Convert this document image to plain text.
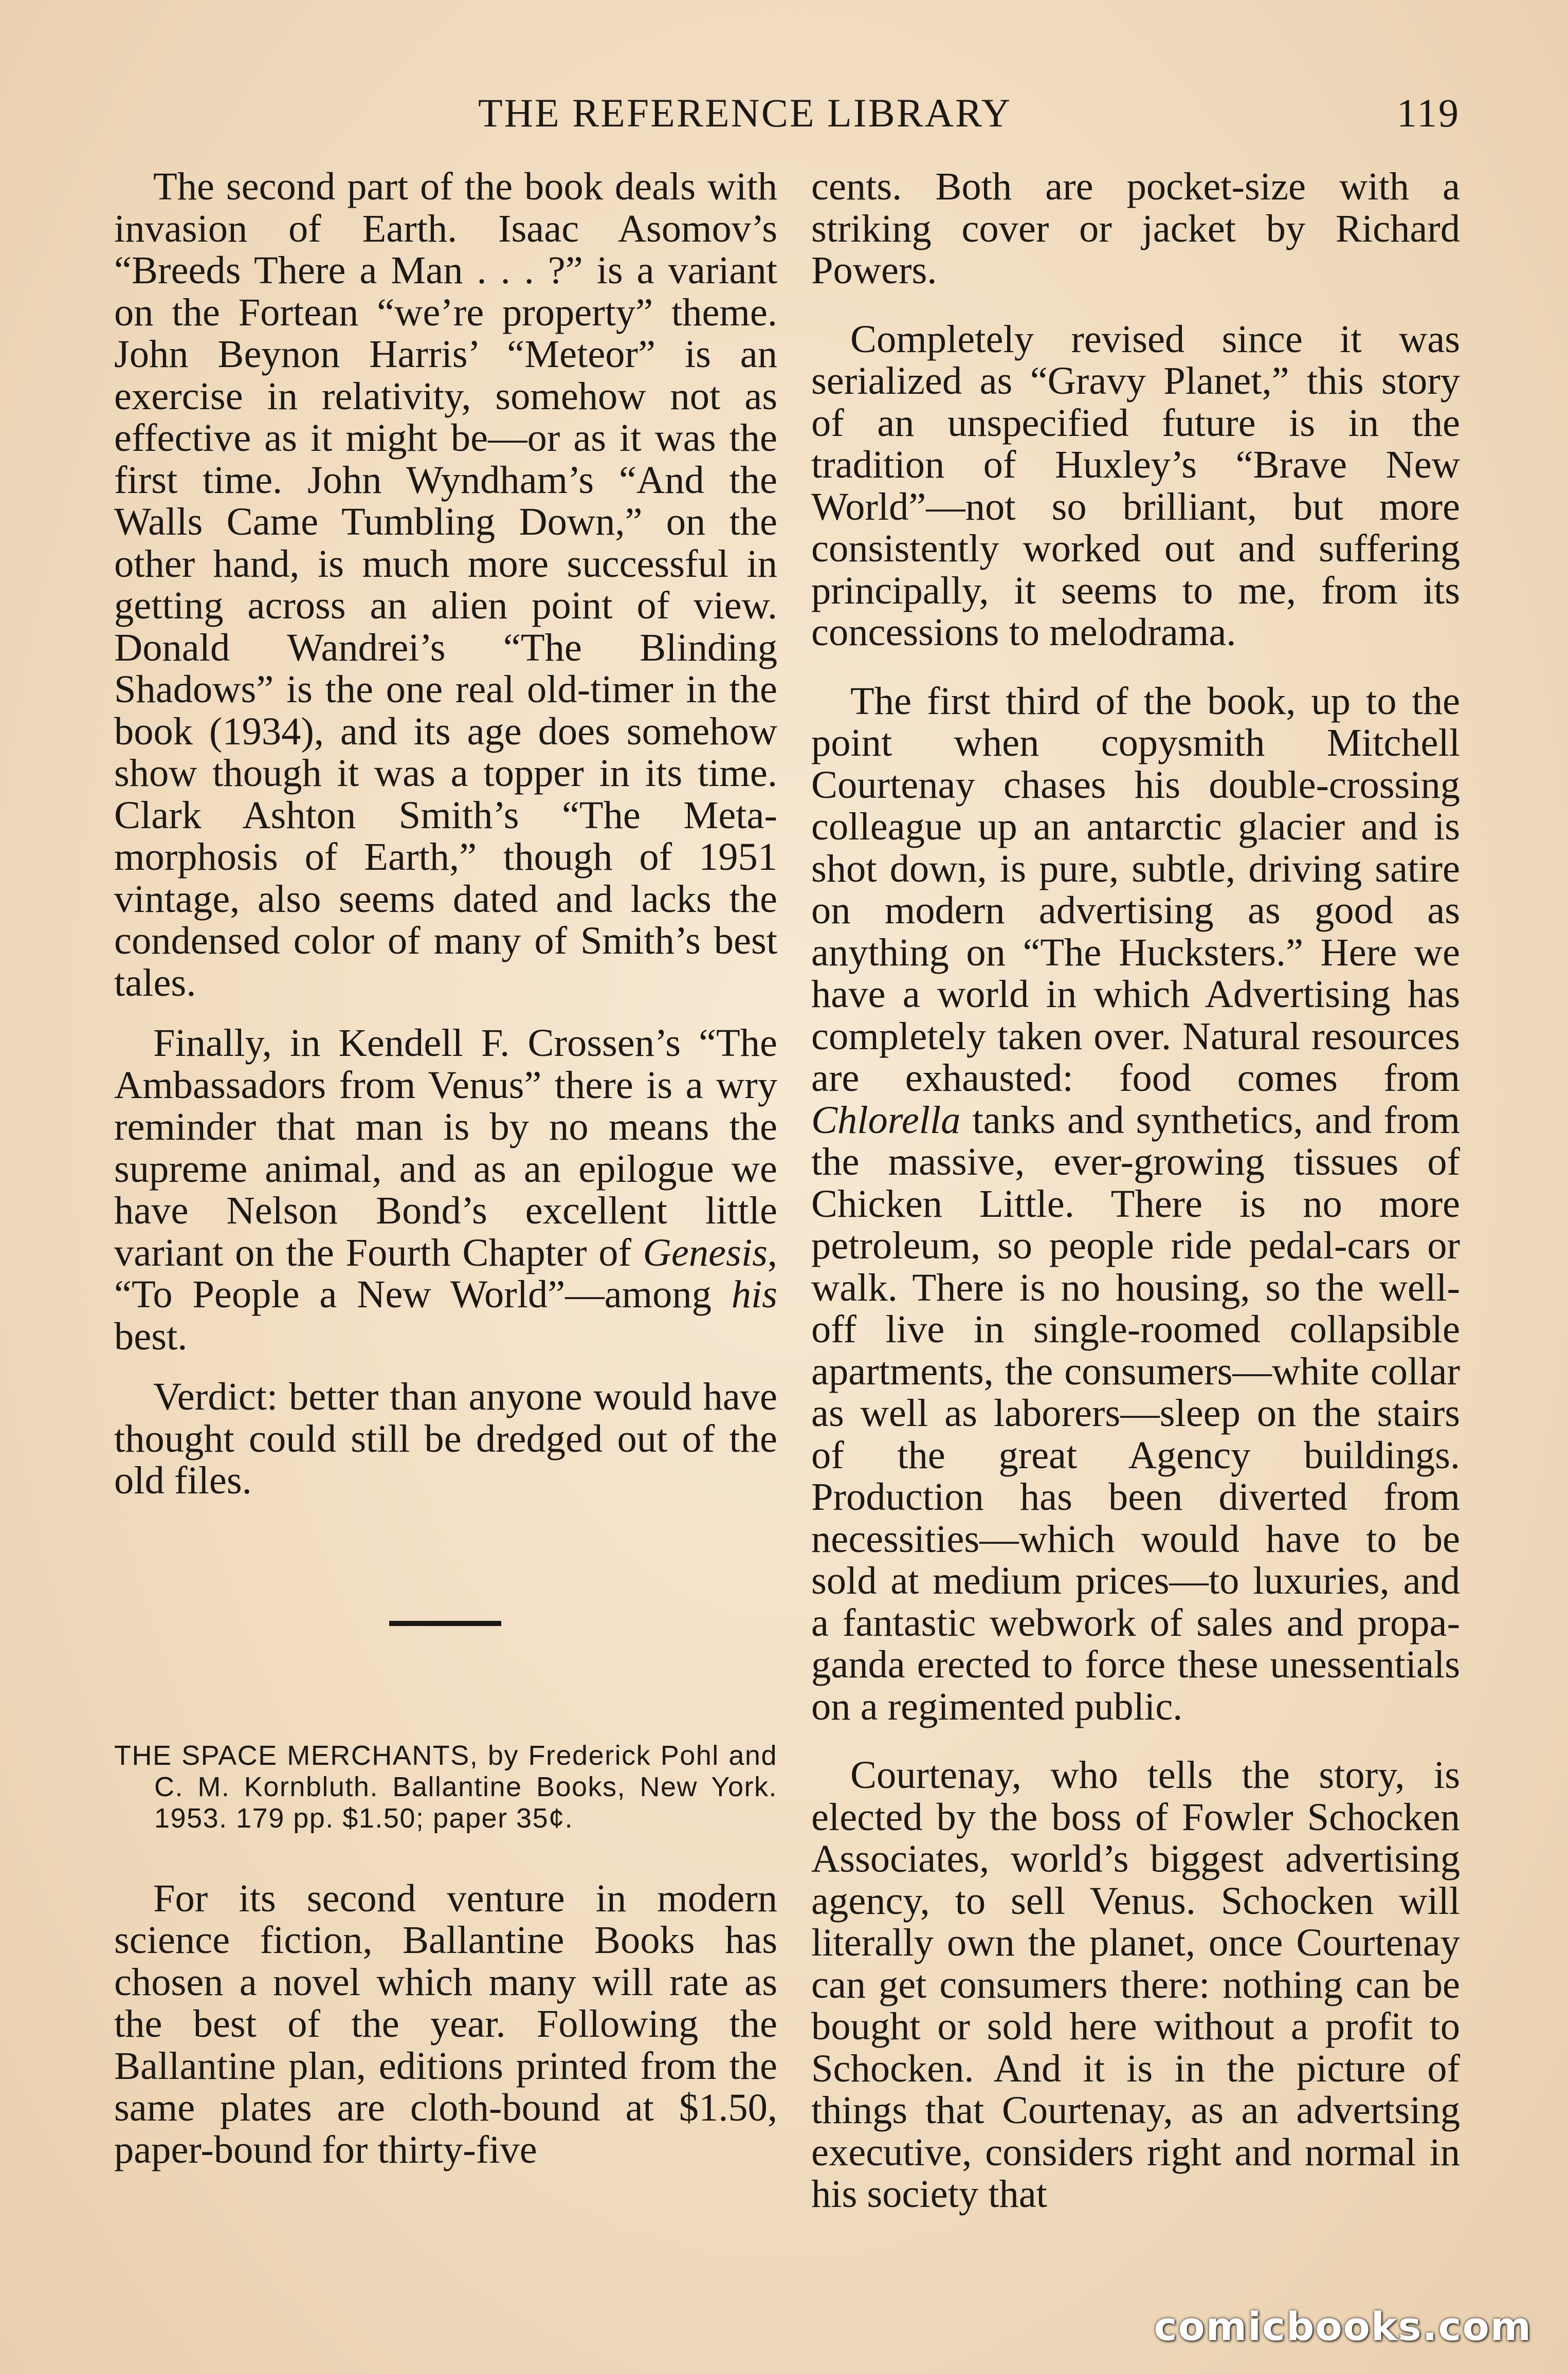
THE REFERENCE LIBRARY	119

The second part of the book deals with invasion of Earth. Isaac Asomov’s “Breeds There a Man . . . ?” is a variant on the Fortean “we’re property” theme. John Beynon Harris’ “Meteor” is an exercise in relativity, somehow not as effective as it might be—or as it was the first time. John Wyndham’s “And the Walls Came Tumbling Down,” on the other hand, is much more successful in getting across an alien point of view. Donald Wandrei’s “The Blinding Shadows” is the one real old-timer in the book (1934), and its age does somehow show though it was a topper in its time. Clark Ashton Smith’s “The Metamorphosis of Earth,” though of 1951 vintage, also seems dated and lacks the condensed color of many of Smith’s best tales.

Finally, in Kendell F. Crossen’s “The Ambassadors from Venus” there is a wry reminder that man is by no means the supreme animal, and as an epilogue we have Nelson Bond’s excellent little variant on the Fourth Chapter of Genesis, “To People a New World”—among his best.

Verdict: better than anyone would have thought could still be dredged out of the old files.

THE SPACE MERCHANTS, by Frederick Pohl and C. M. Kornbluth. Ballantine Books, New York. 1953. 179 pp. $1.50; paper 35¢.

For its second venture in modern science fiction, Ballantine Books has chosen a novel which many will rate as the best of the year. Following the Ballantine plan, editions printed from the same plates are cloth-bound at $1.50, paper-bound for thirty-five

cents. Both are pocket-size with a striking cover or jacket by Richard Powers.

Completely revised since it was serialized as “Gravy Planet,” this story of an unspecified future is in the tradition of Huxley’s “Brave New World”—not so brilliant, but more consistently worked out and suffering principally, it seems to me, from its concessions to melodrama.

The first third of the book, up to the point when copysmith Mitchell Courtenay chases his double-crossing colleague up an antarctic glacier and is shot down, is pure, subtle, driving satire on modern advertising as good as anything on “The Hucksters.” Here we have a world in which Advertising has completely taken over. Natural resources are exhausted: food comes from Chlorella tanks and synthetics, and from the massive, ever-growing tissues of Chicken Little. There is no more petroleum, so people ride pedal-cars or walk. There is no housing, so the well-off live in single-roomed collapsible apartments, the consumers—white collar as well as laborers—sleep on the stairs of the great Agency buildings. Production has been diverted from necessities—which would have to be sold at medium prices—to luxuries, and a fantastic webwork of sales and propaganda erected to force these unessentials on a regimented public.

Courtenay, who tells the story, is elected by the boss of Fowler Schocken Associates, world’s biggest advertising agency, to sell Venus. Schocken will literally own the planet, once Courtenay can get consumers there: nothing can be bought or sold here without a profit to Schocken. And it is in the picture of things that Courtenay, as an advertsing executive, considers right and normal in his society that

comicbooks.com
